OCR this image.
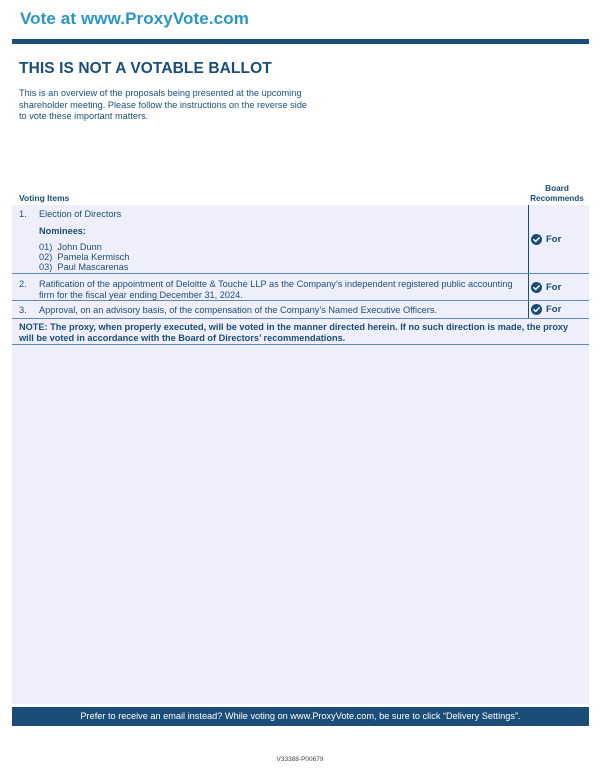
Vote at www.ProxyVote.com
THIS IS NOT A VOTABLE BALLOT
This is an overview of the proposals being presented at the upcoming shareholder meeting. Please follow the instructions on the reverse side to vote these important matters.
Voting Items
Board
Recommends
1. Election of Directors
Nominees:
01) John Dunn
02) Pamela Kermisch
03) Paul Mascarenas
For
2. Ratification of the appointment of Deloitte & Touche LLP as the Company’s independent registered public accounting firm for the fiscal year ending December 31, 2024.
For
3. Approval, on an advisory basis, of the compensation of the Company’s Named Executive Officers.	For
NOTE: The proxy, when properly executed, will be voted in the manner directed herein. If no such direction is made, the proxy will be voted in accordance with the Board of Directors’ recommendations.
Prefer to receive an email instead? While voting on www.ProxyVote.com, be sure to click “Delivery Settings”.
V33388-P00679
